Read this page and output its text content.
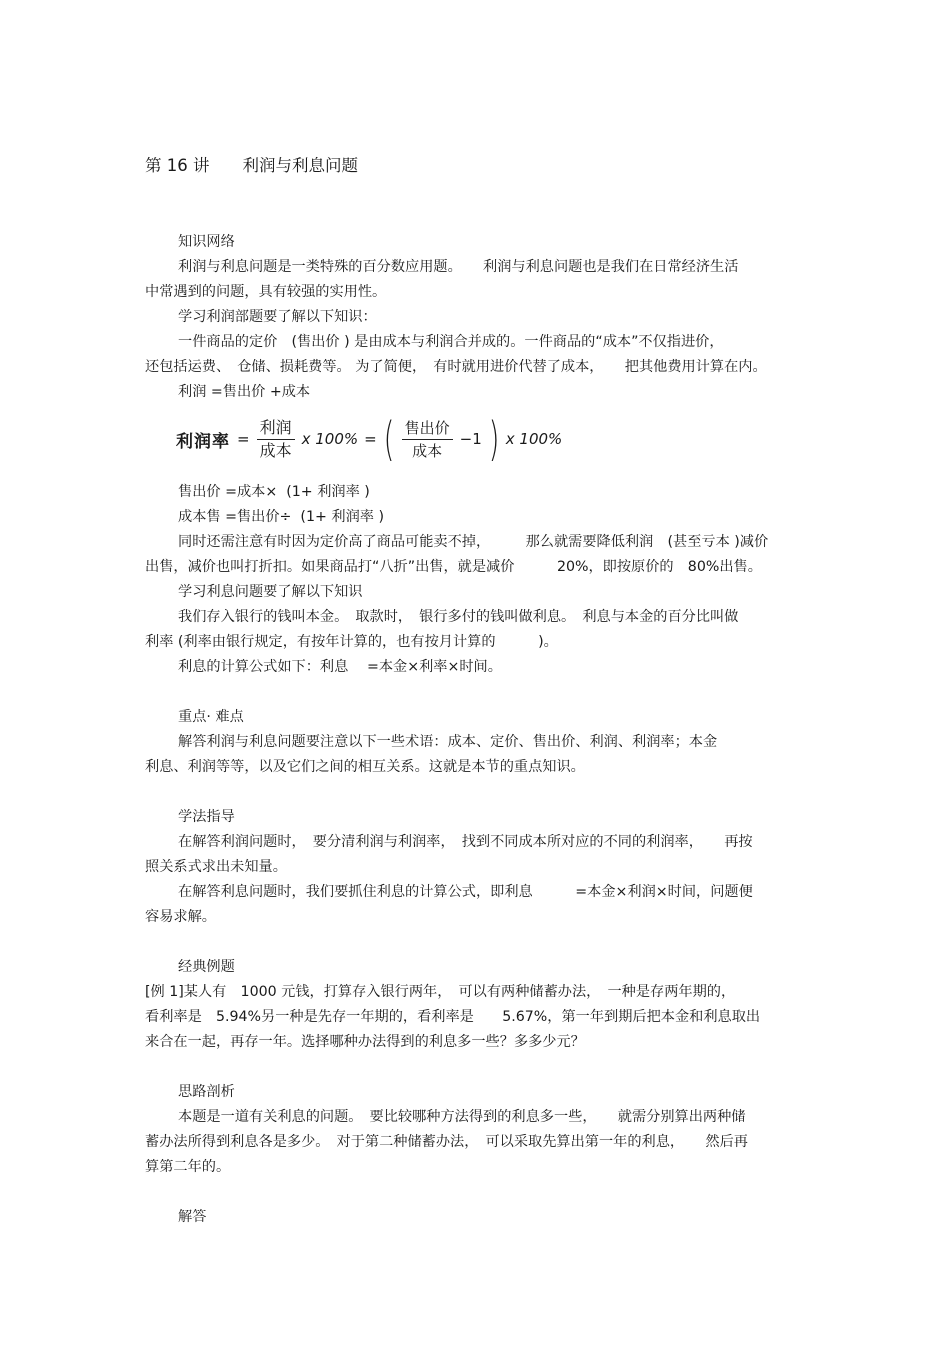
第 16 讲　　利润与利息问题
知识网络
利润与利息问题是一类特殊的百分数应用题。　　利润与利息问题也是我们在日常经济生活
中常遇到的问题，具有较强的实用性。
学习利润部题要了解以下知识：
一件商品的定价　(售出价 ) 是由成本与利润合并成的。一件商品的“成本”不仅指进价，
还包括运费、　仓储、损耗费等。 为了简便，　有时就用进价代替了成本，　　把其他费用计算在内。
利润 =售出价 +成本
售出价 =成本×  (1+ 利润率 )
成本售 =售出价÷  (1+ 利润率 )
同时还需注意有时因为定价高了商品可能卖不掉，　　　那么就需要降低利润　(甚至亏本 )减价
出售，减价也叫打折扣。如果商品打“八折”出售，就是减价　　　20%，即按原价的　80%出售。
学习利息问题要了解以下知识
我们存入银行的钱叫本金。　取款时，　银行多付的钱叫做利息。　利息与本金的百分比叫做
利率 (利率由银行规定，有按年计算的，也有按月计算的　　　)。
利息的计算公式如下：利息　 =本金×利率×时间。
重点· 难点
解答利润与利息问题要注意以下一些术语：成本、定价、售出价、利润、利润率；本金
利息、利润等等，以及它们之间的相互关系。这就是本节的重点知识。
学法指导
在解答利润问题时，　要分清利润与利润率，　找到不同成本所对应的不同的利润率，　　再按
照关系式求出未知量。
在解答利息问题时，我们要抓住利息的计算公式，即利息　　　=本金×利润×时间，问题便
容易求解。
经典例题
[例 1]某人有　1000 元钱，打算存入银行两年，　可以有两种储蓄办法，　一种是存两年期的，
看利率是　5.94%另一种是先存一年期的，看利率是　　5.67%，第一年到期后把本金和利息取出
来合在一起，再存一年。选择哪种办法得到的利息多一些？多多少元？
思路剖析
本题是一道有关利息的问题。　要比较哪种方法得到的利息多一些，　　就需分别算出两种储
蓄办法所得到利息各是多少。　对于第二种储蓄办法，　可以采取先算出第一年的利息，　　然后再
算第二年的。
解答
利润率 = $\frac{\text{利润}}{\text{成本}}$ x 100% = ( $\frac{\text{售出价}}{\text{成本}} -1$ ) x 100%
